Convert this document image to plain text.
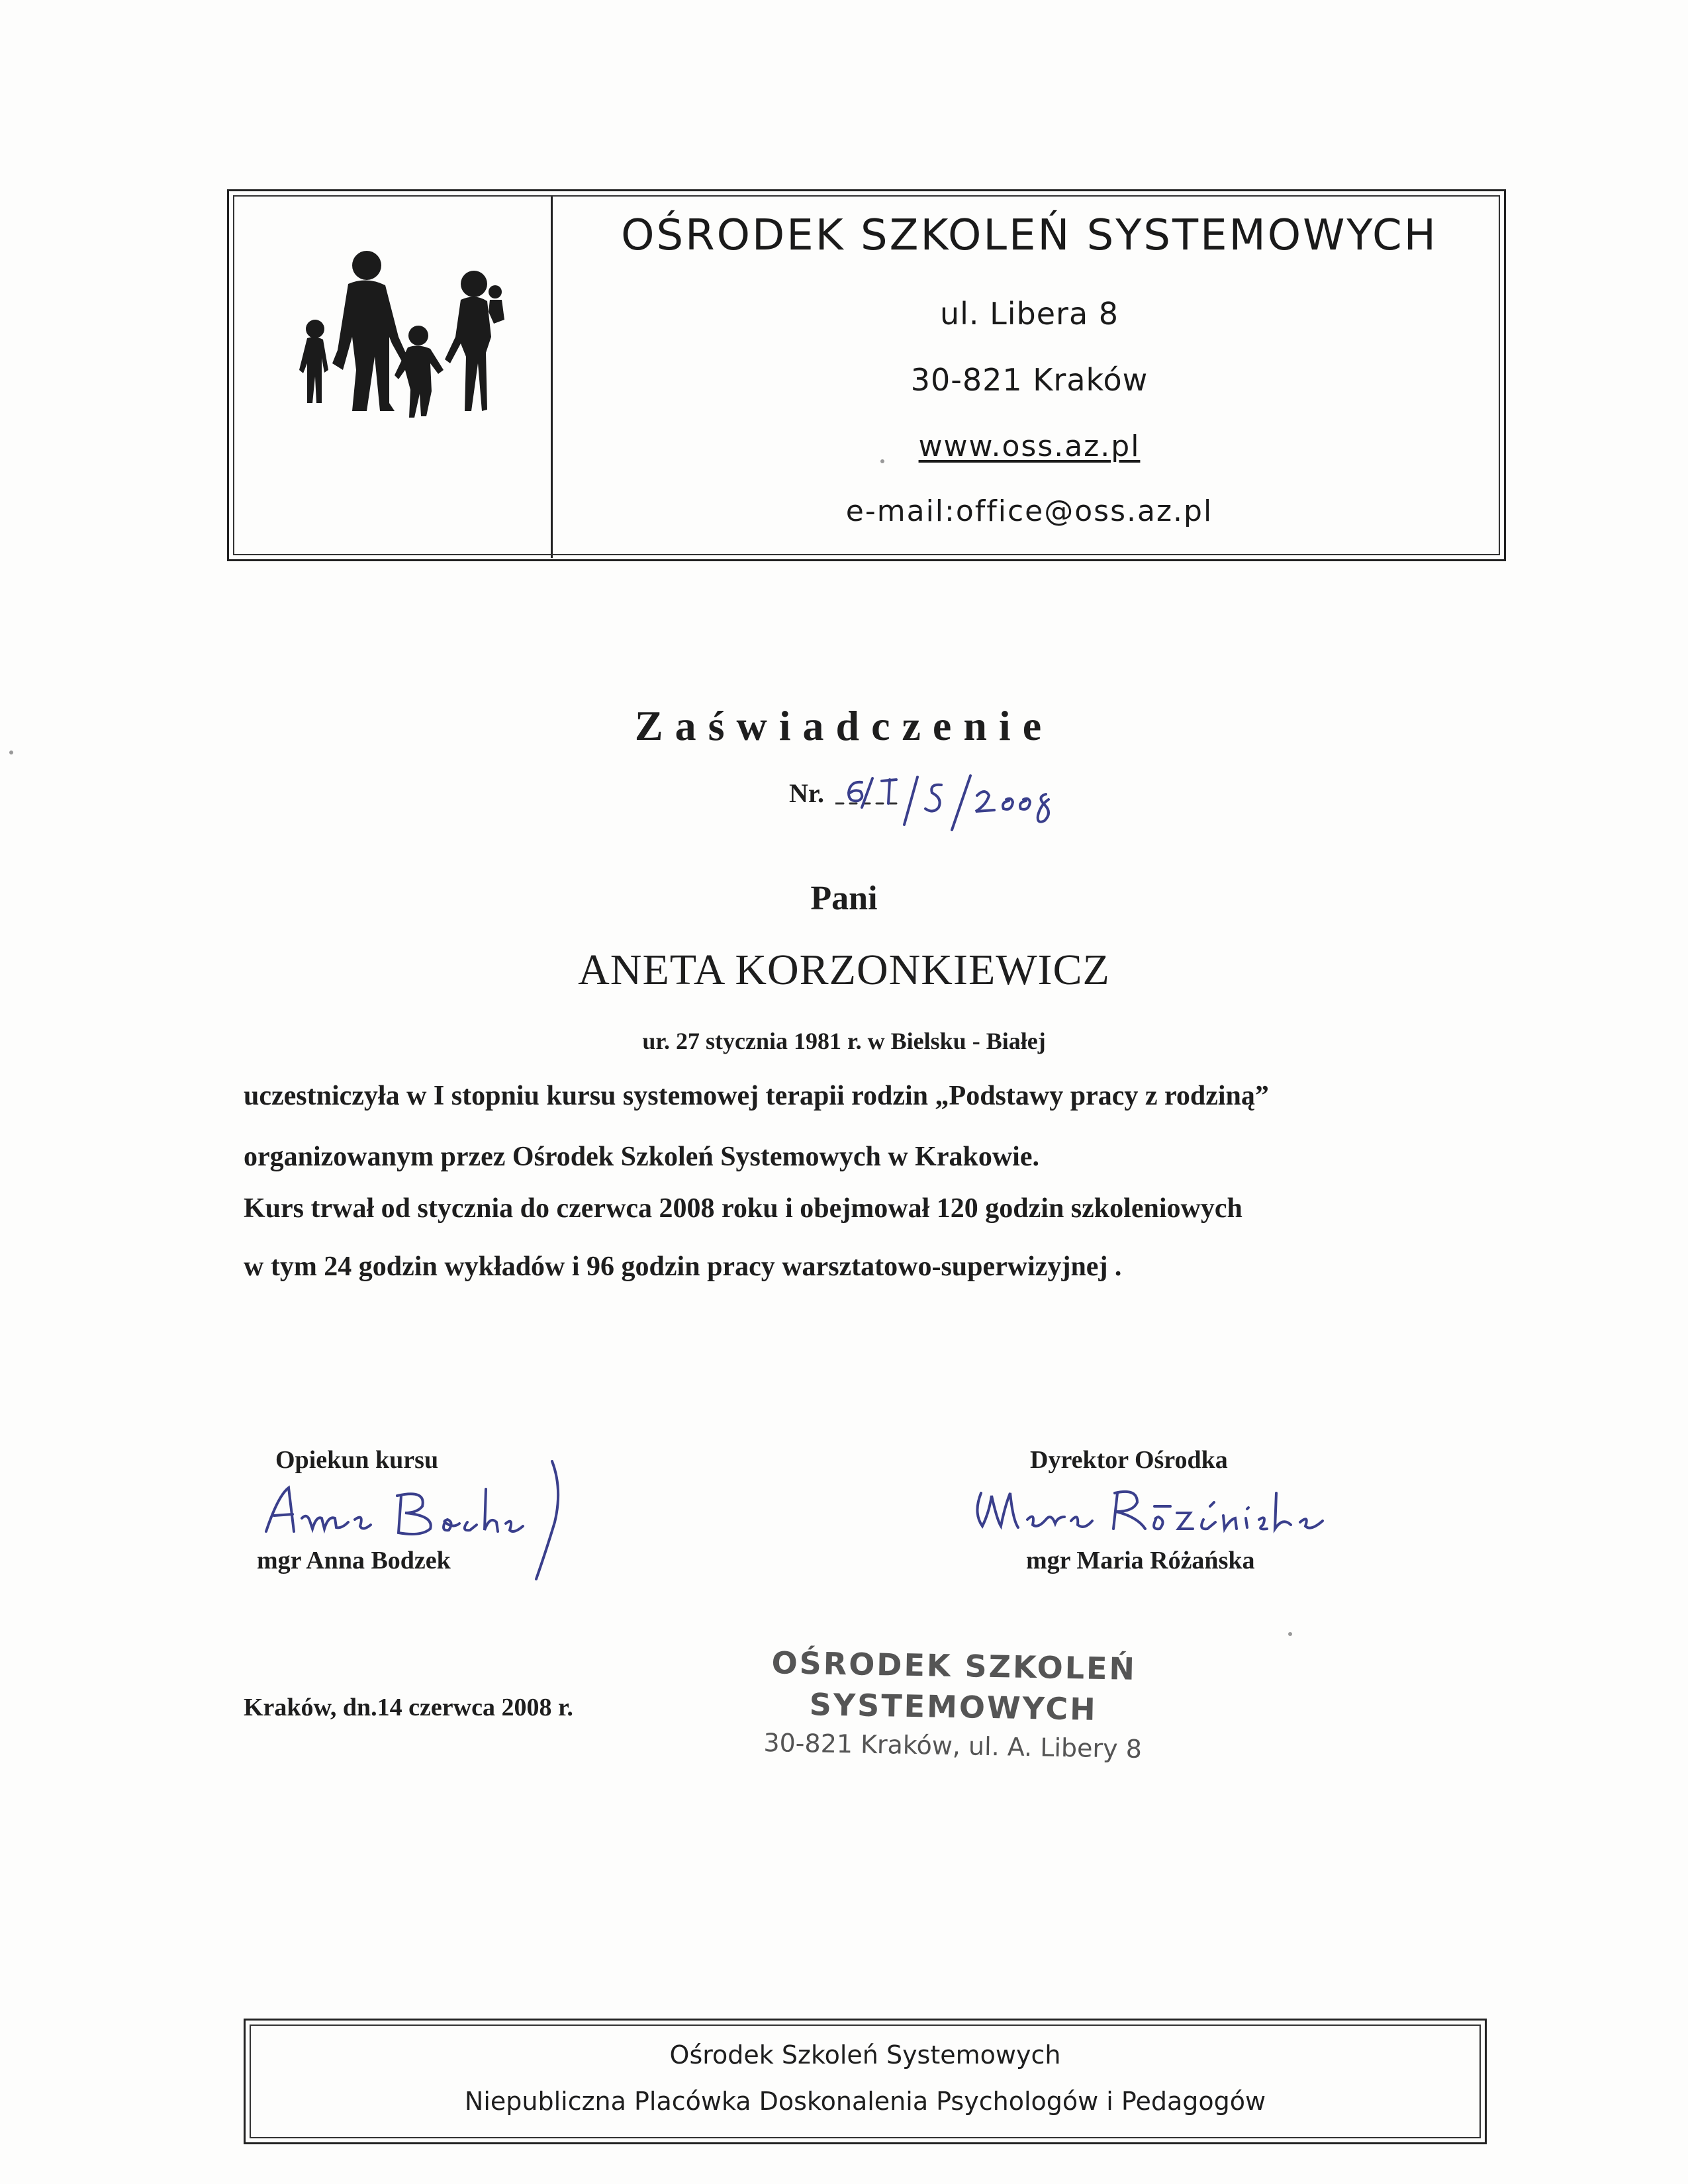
OŚRODEK SZKOLEŃ SYSTEMOWYCH
ul. Libera 8
30-821 Kraków
www.oss.az.pl
e-mail:office@oss.az.pl
Zaświadczenie
Nr.
Pani
ANETA KORZONKIEWICZ
ur. 27 stycznia 1981 r. w Bielsku - Białej
uczestniczyła w I stopniu kursu systemowej terapii rodzin „Podstawy pracy z rodziną”
organizowanym przez Ośrodek Szkoleń Systemowych w Krakowie.
Kurs trwał od stycznia do czerwca 2008 roku i obejmował 120 godzin szkoleniowych
w tym 24 godzin wykładów i 96 godzin pracy warsztatowo-superwizyjnej .
Opiekun kursu
mgr Anna Bodzek
Dyrektor Ośrodka
mgr Maria Różańska
Kraków, dn.14 czerwca 2008 r.
OŚRODEK SZKOLEŃ
SYSTEMOWYCH
30-821 Kraków, ul. A. Libery 8
Ośrodek Szkoleń Systemowych
Niepubliczna Placówka Doskonalenia Psychologów i Pedagogów
